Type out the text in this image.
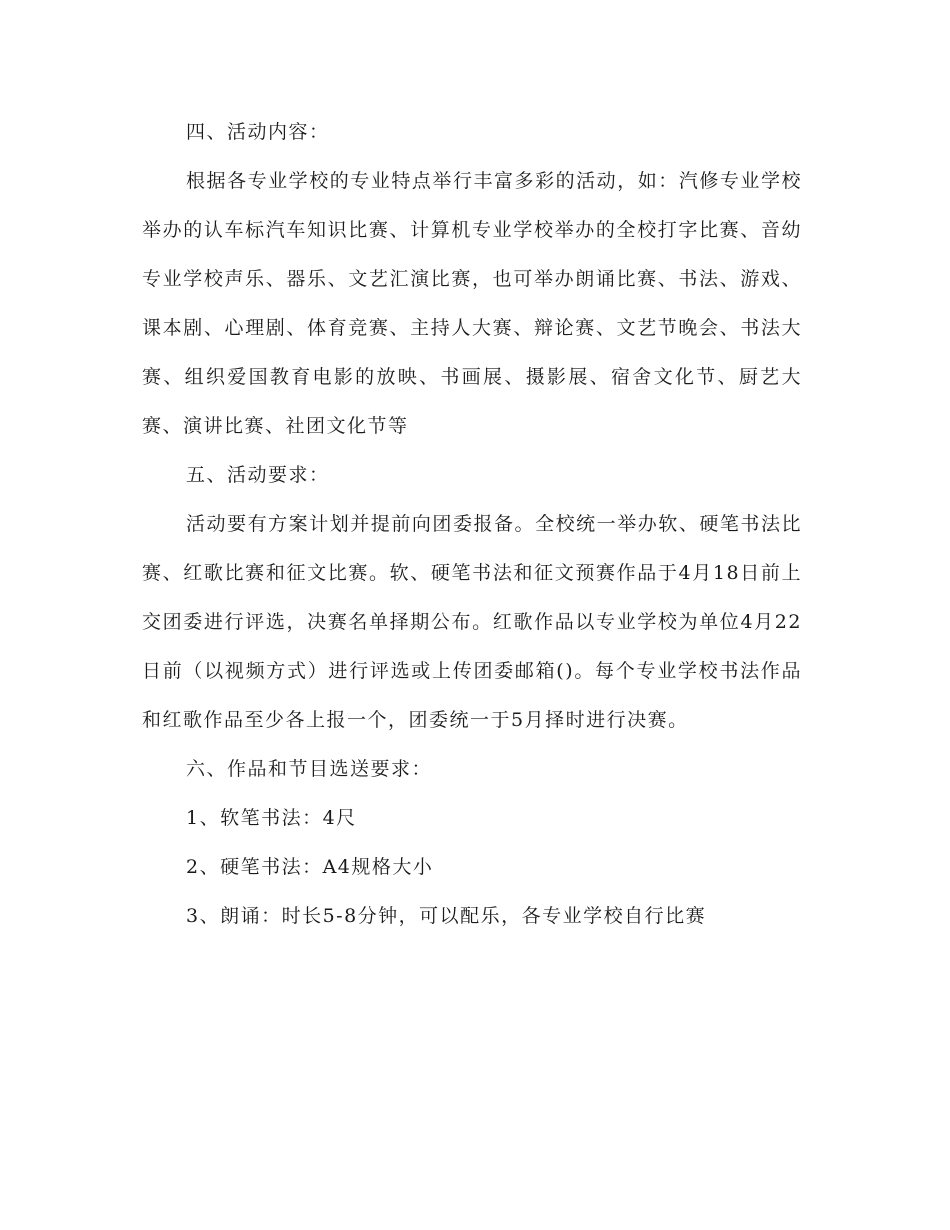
四、活动内容：

根据各专业学校的专业特点举行丰富多彩的活动，如：汽修专业学校举办的认车标汽车知识比赛、计算机专业学校举办的全校打字比赛、音幼专业学校声乐、器乐、文艺汇演比赛，也可举办朗诵比赛、书法、游戏、课本剧、心理剧、体育竞赛、主持人大赛、辩论赛、文艺节晚会、书法大赛、组织爱国教育电影的放映、书画展、摄影展、宿舍文化节、厨艺大赛、演讲比赛、社团文化节等

五、活动要求：

活动要有方案计划并提前向团委报备。全校统一举办软、硬笔书法比赛、红歌比赛和征文比赛。软、硬笔书法和征文预赛作品于4月18日前上交团委进行评选，决赛名单择期公布。红歌作品以专业学校为单位4月22日前（以视频方式）进行评选或上传团委邮箱()。每个专业学校书法作品和红歌作品至少各上报一个，团委统一于5月择时进行决赛。

六、作品和节目选送要求：

1、软笔书法：4尺

2、硬笔书法：A4规格大小

3、朗诵：时长5-8分钟，可以配乐，各专业学校自行比赛
